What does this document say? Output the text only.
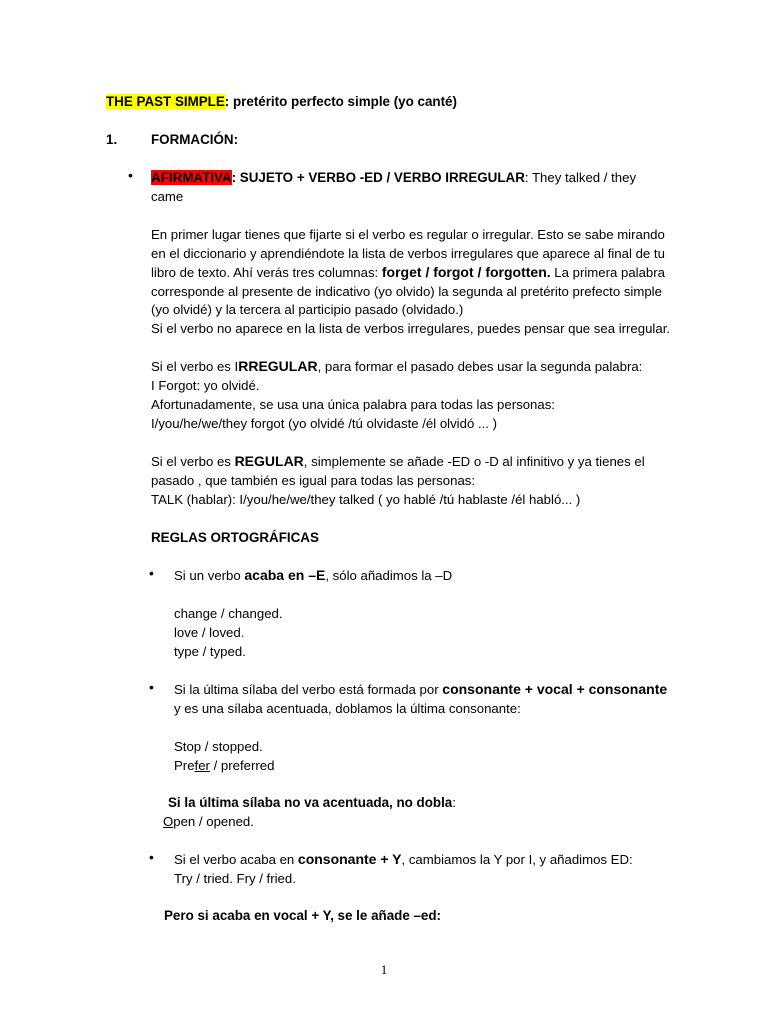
THE PAST SIMPLE: pretérito perfecto simple (yo canté)
1.	FORMACIÓN:
• AFIRMATIVA: SUJETO + VERBO -ED / VERBO IRREGULAR: They talked / they
came
En primer lugar tienes que fijarte si el verbo es regular o irregular. Esto se sabe mirando
en el diccionario y aprendiéndote la lista de verbos irregulares que aparece al final de tu
libro de texto. Ahí verás tres columnas: forget / forgot / forgotten. La primera palabra
corresponde al presente de indicativo (yo olvido) la segunda al pretérito prefecto simple
(yo olvidé) y la tercera al participio pasado (olvidado.)
Si el verbo no aparece en la lista de verbos irregulares, puedes pensar que sea irregular.
Si el verbo es IRREGULAR, para formar el pasado debes usar la segunda palabra:
I Forgot: yo olvidé.
Afortunadamente, se usa una única palabra para todas las personas:
I/you/he/we/they forgot (yo olvidé /tú olvidaste /él olvidó ... )
Si el verbo es REGULAR, simplemente se añade -ED o -D al infinitivo y ya tienes el
pasado , que también es igual para todas las personas:
TALK (hablar): I/you/he/we/they talked ( yo hablé /tú hablaste /él habló... )
REGLAS ORTOGRÁFICAS
• Si un verbo acaba en –E, sólo añadimos la –D
change / changed.
love / loved.
type / typed.
• Si la última sílaba del verbo está formada por consonante + vocal + consonante
y es una sílaba acentuada, doblamos la última consonante:
Stop / stopped.
Prefer / preferred
Si la última sílaba no va acentuada, no dobla:
Open / opened.
• Si el verbo acaba en consonante + Y, cambiamos la Y por I, y añadimos ED:
Try / tried. Fry / fried.
Pero si acaba en vocal + Y, se le añade –ed:
1
